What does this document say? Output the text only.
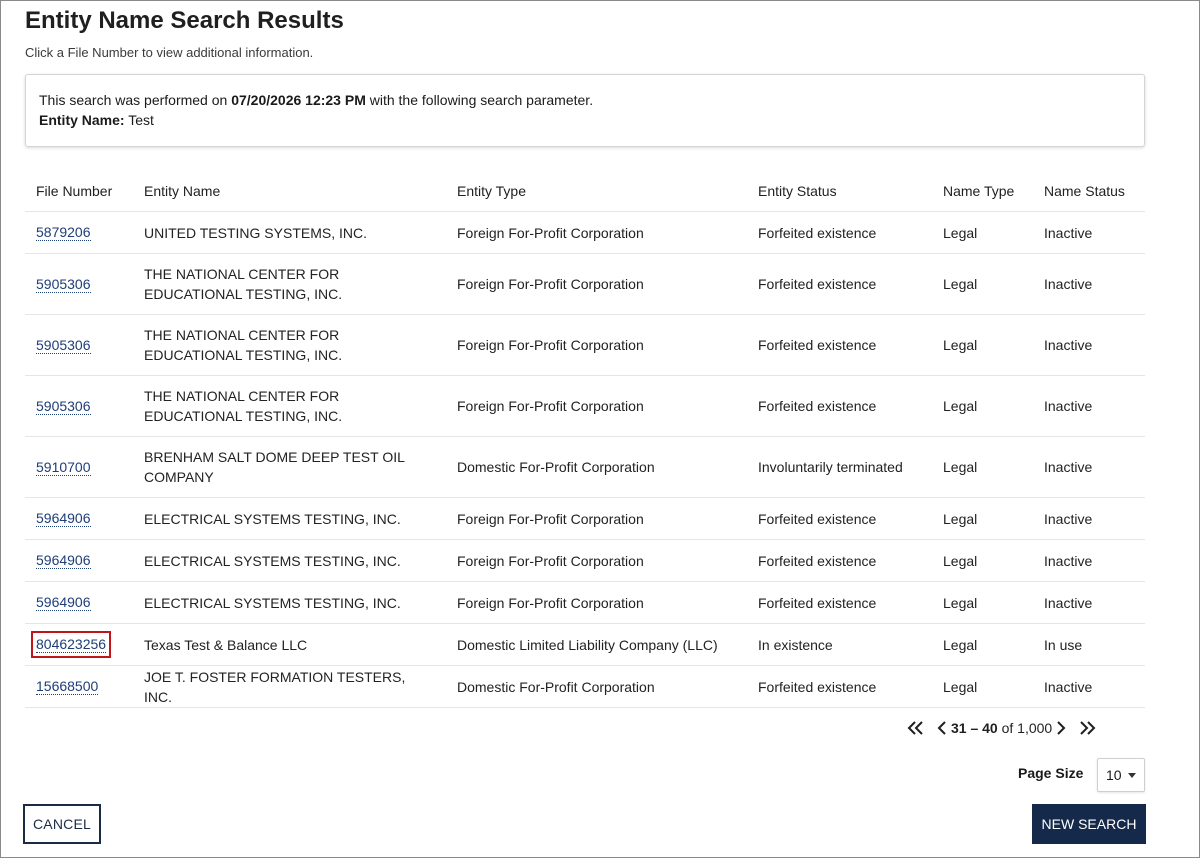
Entity Name Search Results
Click a File Number to view additional information.
This search was performed on 07/20/2026 12:23 PM with the following search parameter.
Entity Name: Test
File Number	Entity Name	Entity Type	Entity Status	Name Type	Name Status
5879206	UNITED TESTING SYSTEMS, INC.	Foreign For-Profit Corporation	Forfeited existence	Legal	Inactive
5905306	THE NATIONAL CENTER FOR EDUCATIONAL TESTING, INC.	Foreign For-Profit Corporation	Forfeited existence	Legal	Inactive
5905306	THE NATIONAL CENTER FOR EDUCATIONAL TESTING, INC.	Foreign For-Profit Corporation	Forfeited existence	Legal	Inactive
5905306	THE NATIONAL CENTER FOR EDUCATIONAL TESTING, INC.	Foreign For-Profit Corporation	Forfeited existence	Legal	Inactive
5910700	BRENHAM SALT DOME DEEP TEST OIL COMPANY	Domestic For-Profit Corporation	Involuntarily terminated	Legal	Inactive
5964906	ELECTRICAL SYSTEMS TESTING, INC.	Foreign For-Profit Corporation	Forfeited existence	Legal	Inactive
5964906	ELECTRICAL SYSTEMS TESTING, INC.	Foreign For-Profit Corporation	Forfeited existence	Legal	Inactive
5964906	ELECTRICAL SYSTEMS TESTING, INC.	Foreign For-Profit Corporation	Forfeited existence	Legal	Inactive
804623256	Texas Test & Balance LLC	Domestic Limited Liability Company (LLC)	In existence	Legal	In use
15668500	JOE T. FOSTER FORMATION TESTERS, INC.	Domestic For-Profit Corporation	Forfeited existence	Legal	Inactive
31 – 40 of 1,000
Page Size 10
CANCEL	NEW SEARCH
